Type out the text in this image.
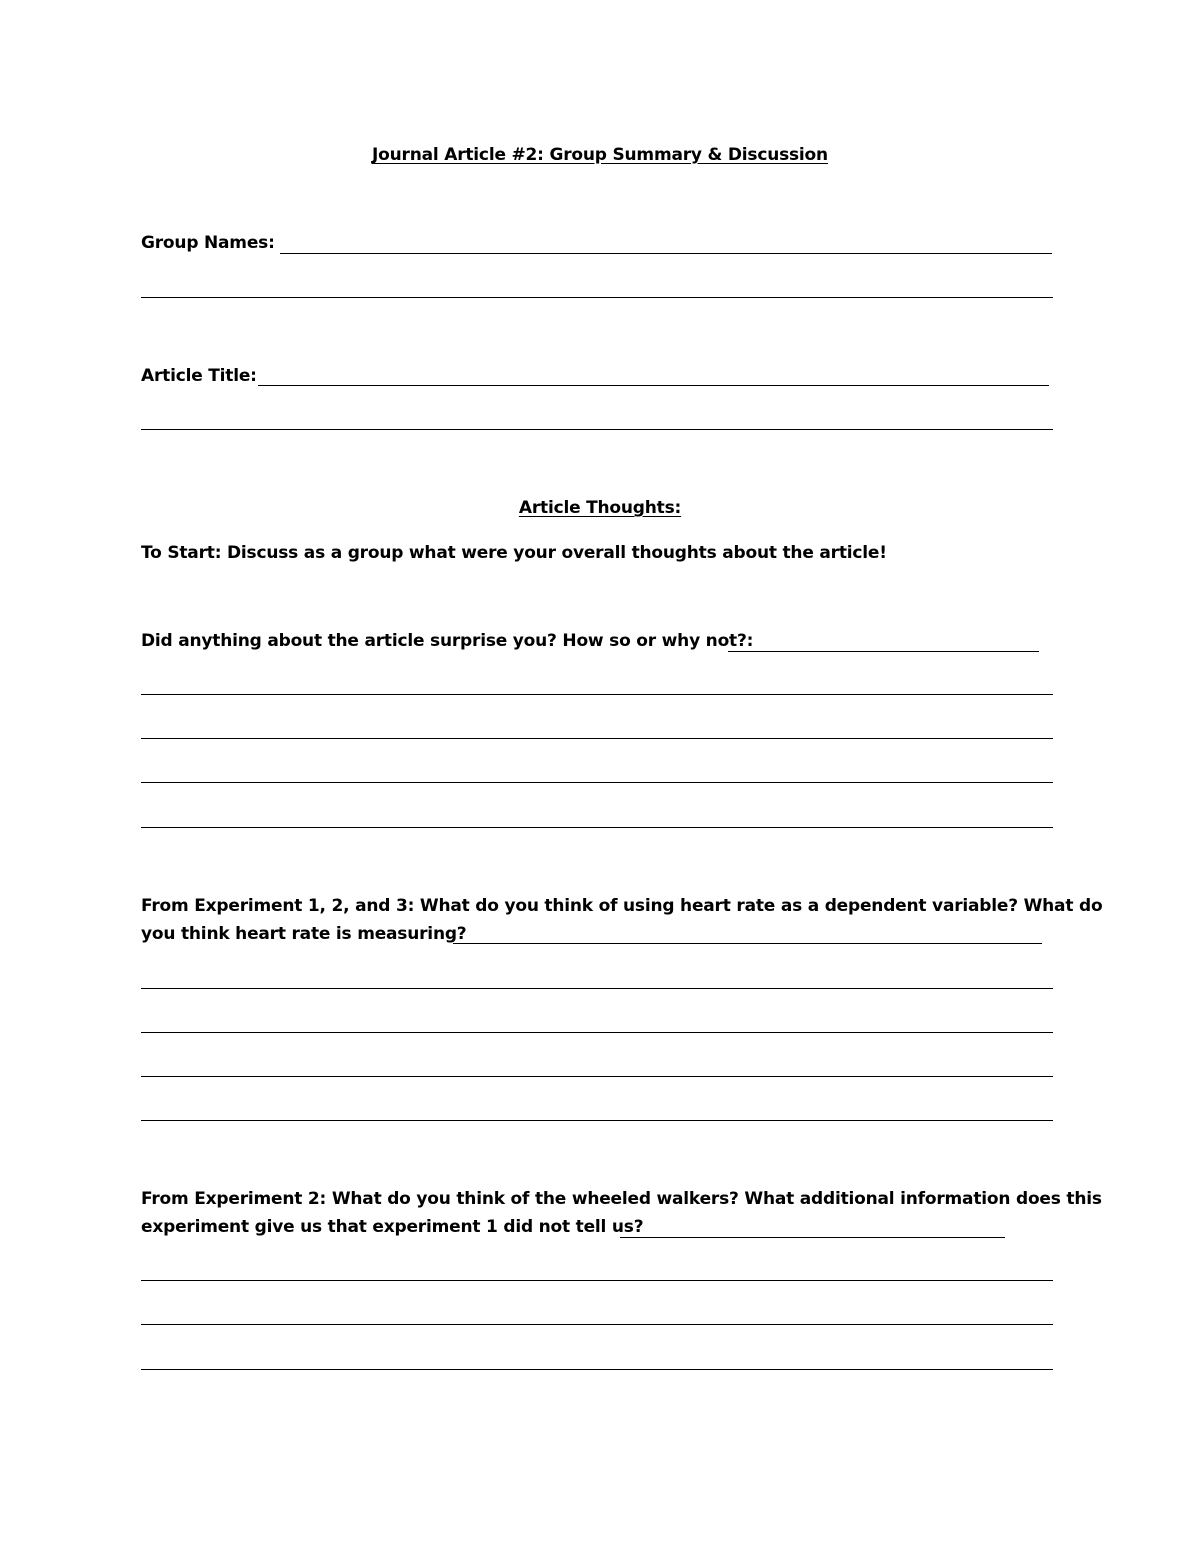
Journal Article #2: Group Summary & Discussion
Group Names:
Article Title:
Article Thoughts:
To Start: Discuss as a group what were your overall thoughts about the article!
Did anything about the article surprise you? How so or why not?:
From Experiment 1, 2, and 3: What do you think of using heart rate as a dependent variable? What do
you think heart rate is measuring?
From Experiment 2: What do you think of the wheeled walkers? What additional information does this
experiment give us that experiment 1 did not tell us?
